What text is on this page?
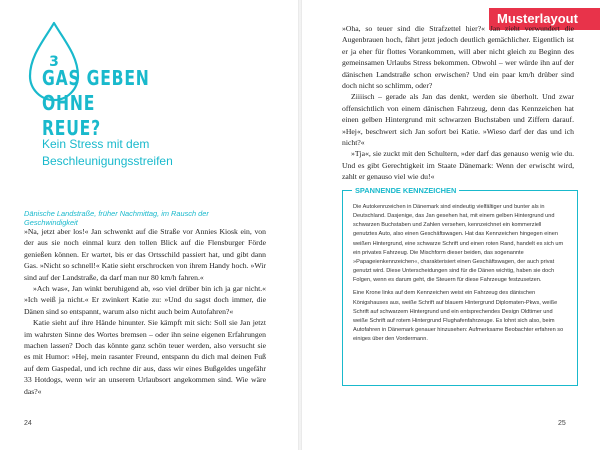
3
GAS GEBEN
OHNE REUE?
Kein Stress mit dem
Beschleunigungsstreifen
Dänische Landstraße, früher Nachmittag, im Rausch der Geschwindigkeit

»Na, jetzt aber los!« Jan schwenkt auf die Straße vor Annies Kiosk ein, von der aus sie noch einmal kurz den tollen Blick auf die Flensburger Förde genießen können. Er wartet, bis er das Ortsschild passiert hat, und gibt dann Gas. »Nicht so schnell!« Katie sieht erschrocken von ihrem Handy hoch. »Wir sind auf der Landstraße, da darf man nur 80 km/h fahren.«

»Ach was«, Jan winkt beruhigend ab, »so viel drüber bin ich ja gar nicht.« »Ich weiß ja nicht.« Er zwinkert Katie zu: »Und du sagst doch immer, die Dänen sind so entspannt, warum also nicht auch beim Autofahren?«

Katie sieht auf ihre Hände hinunter. Sie kämpft mit sich: Soll sie Jan jetzt im wahrsten Sinne des Wortes bremsen – oder ihn seine eigenen Erfahrungen machen lassen? Doch das könnte ganz schön teuer werden, also versucht sie es mit Humor: »Hej, mein rasanter Freund, entspann du dich mal deinen Fuß auf dem Gaspedal, und ich rechne dir aus, dass wir eines Bußgeldes ungefähr 33 Hotdogs, wenn wir an unserem Urlaubsort angekommen sind. Wie wäre das?«

24
Musterlayout

»Oha, so teuer sind die Strafzettel hier?« Jan zieht verwundert die Augenbrauen hoch, fährt jetzt jedoch deutlich gemächlicher. Eigentlich ist er ja eher für flottes Vorankommen, will aber nicht gleich zu Beginn des gemeinsamen Urlaubs Stress bekommen. Obwohl – wer würde ihn auf der dänischen Landstraße schon erwischen? Und ein paar km/h drüber sind doch nicht so schlimm, oder?

Ziiiisch – gerade als Jan das denkt, werden sie überholt. Und zwar offensichtlich von einem dänischen Fahrzeug, denn das Kennzeichen hat einen gelben Hintergrund mit schwarzen Buchstaben und Ziffern darauf. »Hej«, beschwert sich Jan sofort bei Katie. »Wieso darf der das und ich nicht?«

»Tja«, sie zuckt mit den Schultern, »der darf das genauso wenig wie du. Und es gibt Gerechtigkeit im Staate Dänemark: Wenn der erwischt wird, zahlt er genauso viel wie du!«

Die Autokennzeichen in Dänemark sind eindeutig vielfältiger und bunter als in Deutschland. Dasjenige, das Jan gesehen hat, mit einem gelben Hintergrund und schwarzen Buchstaben und Zahlen versehen, kennzeichnet ein kommerziell genutztes Auto, also einen Geschäftswagen. Hat das Kennzeichen hingegen einen weißen Hintergrund, eine schwarze Schrift und einen roten Rand, handelt es sich um ein privates Fahrzeug. Die Mischform dieser beiden, das sogenannte »Papageienkennzeichen«, charakterisiert einen Geschäftswagen, der auch privat genutzt wird. Diese Unterscheidungen sind für die Dänen wichtig, haben sie doch Folgen, wenn es darum geht, die Steuern für diese Fahrzeuge festzusetzen.

Eine Krone links auf dem Kennzeichen weist ein Fahrzeug des dänischen Königshauses aus, weiße Schrift auf blauem Hintergrund Diplomaten-Pkws, weiße Schrift auf schwarzem Hintergrund und ein entsprechendes Design Oldtimer und weiße Schrift auf rotem Hintergrund Flughafenfahrzeuge. Es lohnt sich also, beim Autofahren in Dänemark genauer hinzusehen: Aufmerksame Beobachter erfahren so einiges über den Vordermann.

SPANNENDE KENNZEICHEN
25
